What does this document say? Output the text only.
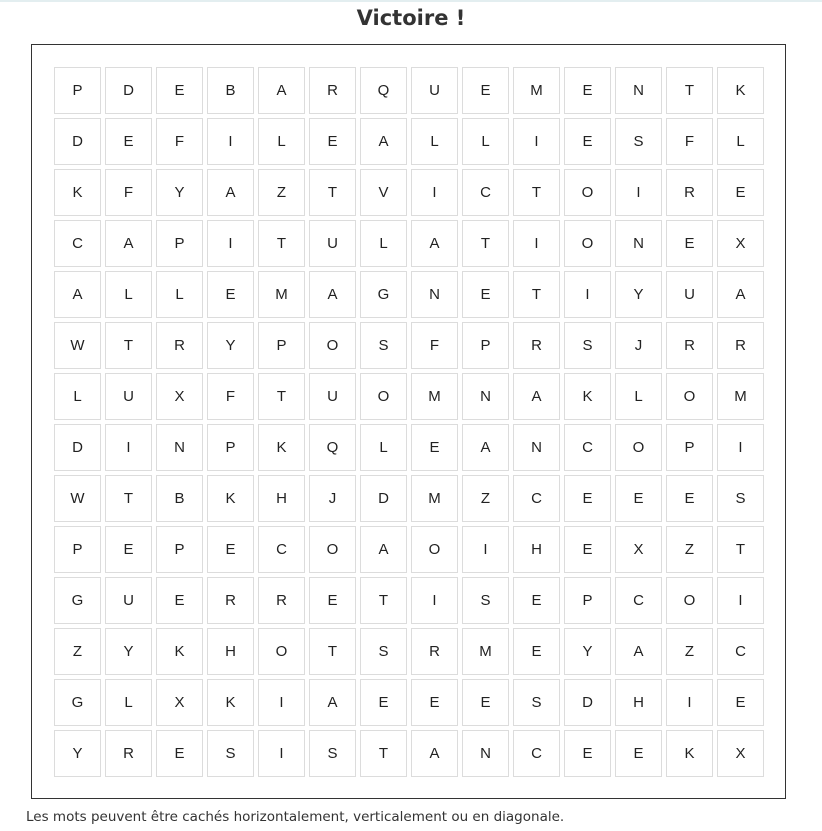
Victoire !
P	D	E	B	A	R	Q	U	E	M	E	N	T	K
D	E	F	I	L	E	A	L	L	I	E	S	F	L
K	F	Y	A	Z	T	V	I	C	T	O	I	R	E
C	A	P	I	T	U	L	A	T	I	O	N	E	X
A	L	L	E	M	A	G	N	E	T	I	Y	U	A
W	T	R	Y	P	O	S	F	P	R	S	J	R	R
L	U	X	F	T	U	O	M	N	A	K	L	O	M
D	I	N	P	K	Q	L	E	A	N	C	O	P	I
W	T	B	K	H	J	D	M	Z	C	E	E	E	S
P	E	P	E	C	O	A	O	I	H	E	X	Z	T
G	U	E	R	R	E	T	I	S	E	P	C	O	I
Z	Y	K	H	O	T	S	R	M	E	Y	A	Z	C
G	L	X	K	I	A	E	E	E	S	D	H	I	E
Y	R	E	S	I	S	T	A	N	C	E	E	K	X
Les mots peuvent être cachés horizontalement, verticalement ou en diagonale.
